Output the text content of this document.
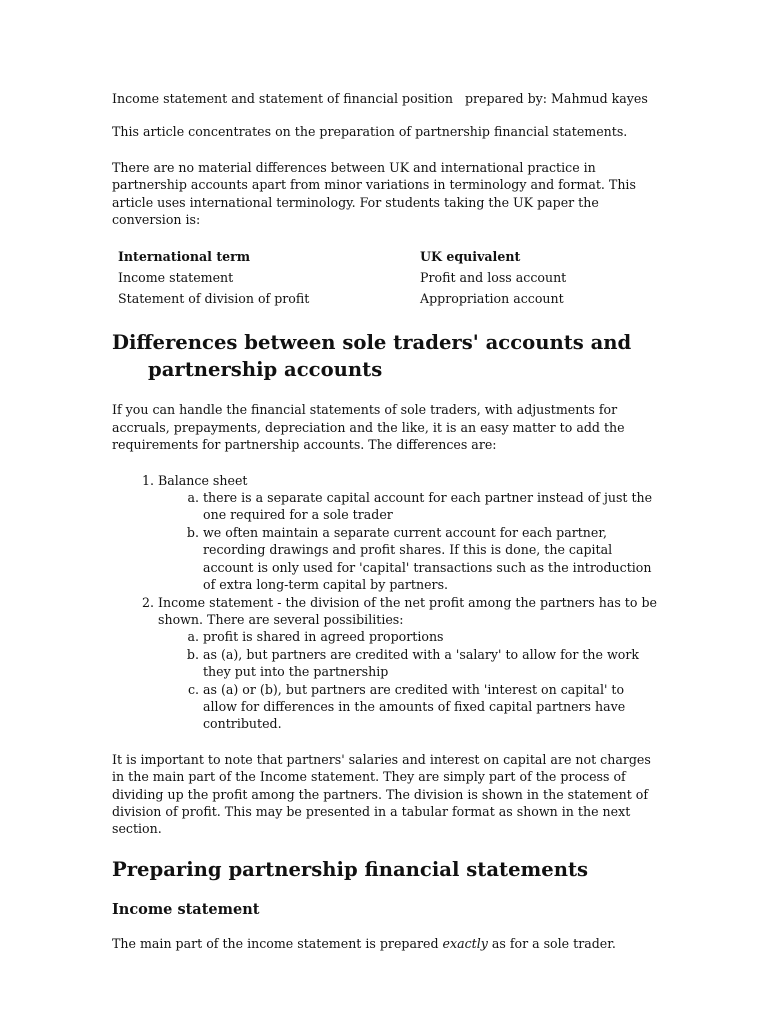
Income statement and statement of financial position prepared by: Mahmud kayes

This article concentrates on the preparation of partnership financial statements.

There are no material differences between UK and international practice in partnership accounts apart from minor variations in terminology and format. This article uses international terminology. For students taking the UK paper the conversion is:

International term	UK equivalent
Income statement	Profit and loss account
Statement of division of profit	Appropriation account
Differences between sole traders' accounts and partnership accounts

If you can handle the financial statements of sole traders, with adjustments for accruals, prepayments, depreciation and the like, it is an easy matter to add the requirements for partnership accounts. The differences are:

1. Balance sheet
a. there is a separate capital account for each partner instead of just the one required for a sole trader
b. we often maintain a separate current account for each partner, recording drawings and profit shares. If this is done, the capital account is only used for 'capital' transactions such as the introduction of extra long-term capital by partners.
2. Income statement - the division of the net profit among the partners has to be shown. There are several possibilities:
a. profit is shared in agreed proportions
b. as (a), but partners are credited with a 'salary' to allow for the work they put into the partnership
c. as (a) or (b), but partners are credited with 'interest on capital' to allow for differences in the amounts of fixed capital partners have contributed.

It is important to note that partners' salaries and interest on capital are not charges in the main part of the Income statement. They are simply part of the process of dividing up the profit among the partners. The division is shown in the statement of division of profit. This may be presented in a tabular format as shown in the next section.

Preparing partnership financial statements
Income statement

The main part of the income statement is prepared exactly as for a sole trader.
